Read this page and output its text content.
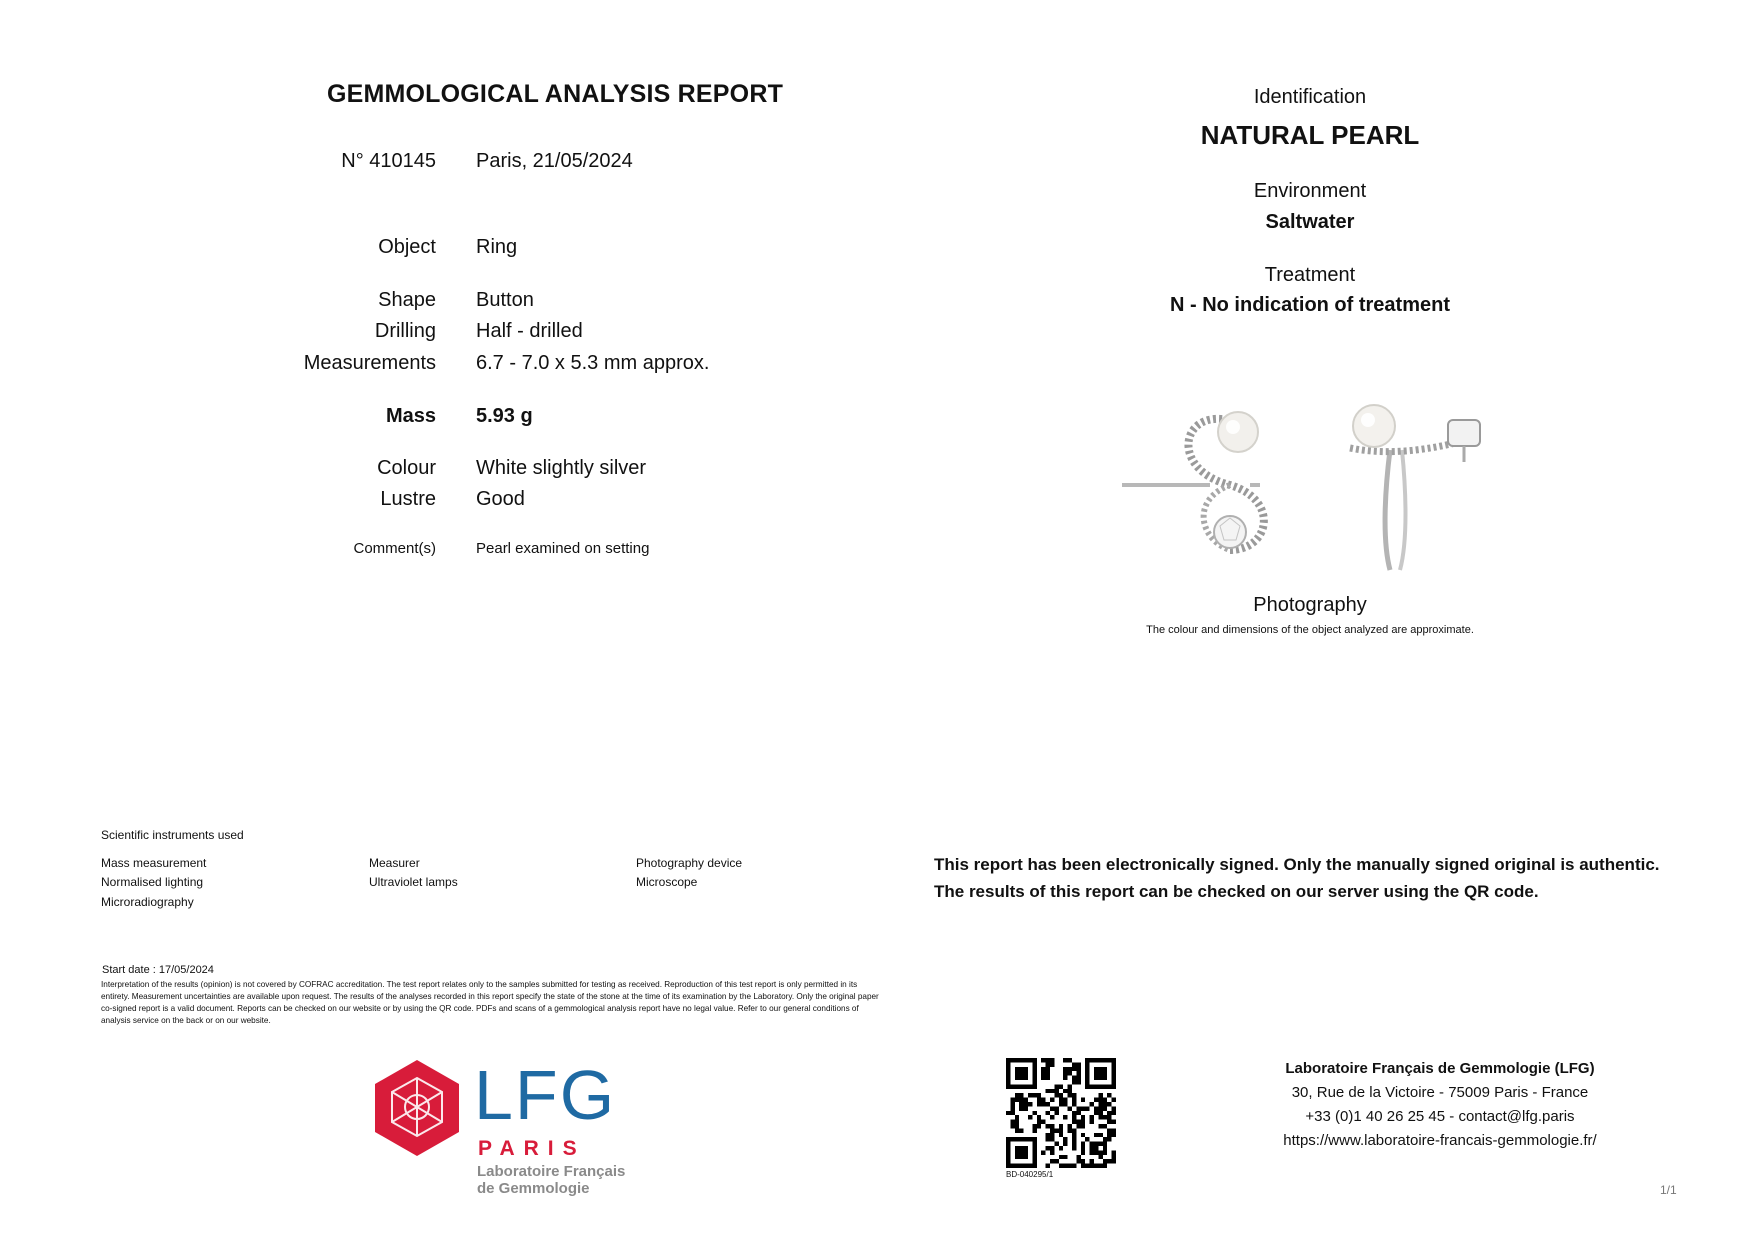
GEMMOLOGICAL ANALYSIS REPORT
N° 410145 Paris, 21/05/2024
Object Ring
Shape Button
Drilling Half - drilled
Measurements 6.7 - 7.0 x 5.3 mm approx.
Mass 5.93 g
Colour White slightly silver
Lustre Good
Comment(s)	Pearl examined on setting
Identification
NATURAL PEARL
Environment
Saltwater
Treatment
N - No indication of treatment
Photography
The colour and dimensions of the object analyzed are approximate.
Scientific instruments used
Mass measurement
Normalised lighting
Microradiography
Measurer
Ultraviolet lamps
Photography device
Microscope
This report has been electronically signed. Only the manually signed original is authentic.
The results of this report can be checked on our server using the QR code.
Start date : 17/05/2024
Interpretation of the results (opinion) is not covered by COFRAC accreditation. The test report relates only to the samples submitted for testing as received. Reproduction of this test report is only permitted in its entirety. Measurement uncertainties are available upon request. The results of the analyses recorded in this report specify the state of the stone at the time of its examination by the Laboratory. Only the original paper co-signed report is a valid document. Reports can be checked on our website or by using the QR code. PDFs and scans of a gemmological analysis report have no legal value. Refer to our general conditions of analysis service on the back or on our website.
LFG
PARIS
Laboratoire Français
de Gemmologie
BD-040295/1
Laboratoire Français de Gemmologie (LFG)
30, Rue de la Victoire - 75009 Paris - France
+33 (0)1 40 26 25 45 - contact@lfg.paris
https://www.laboratoire-francais-gemmologie.fr/
1/1
